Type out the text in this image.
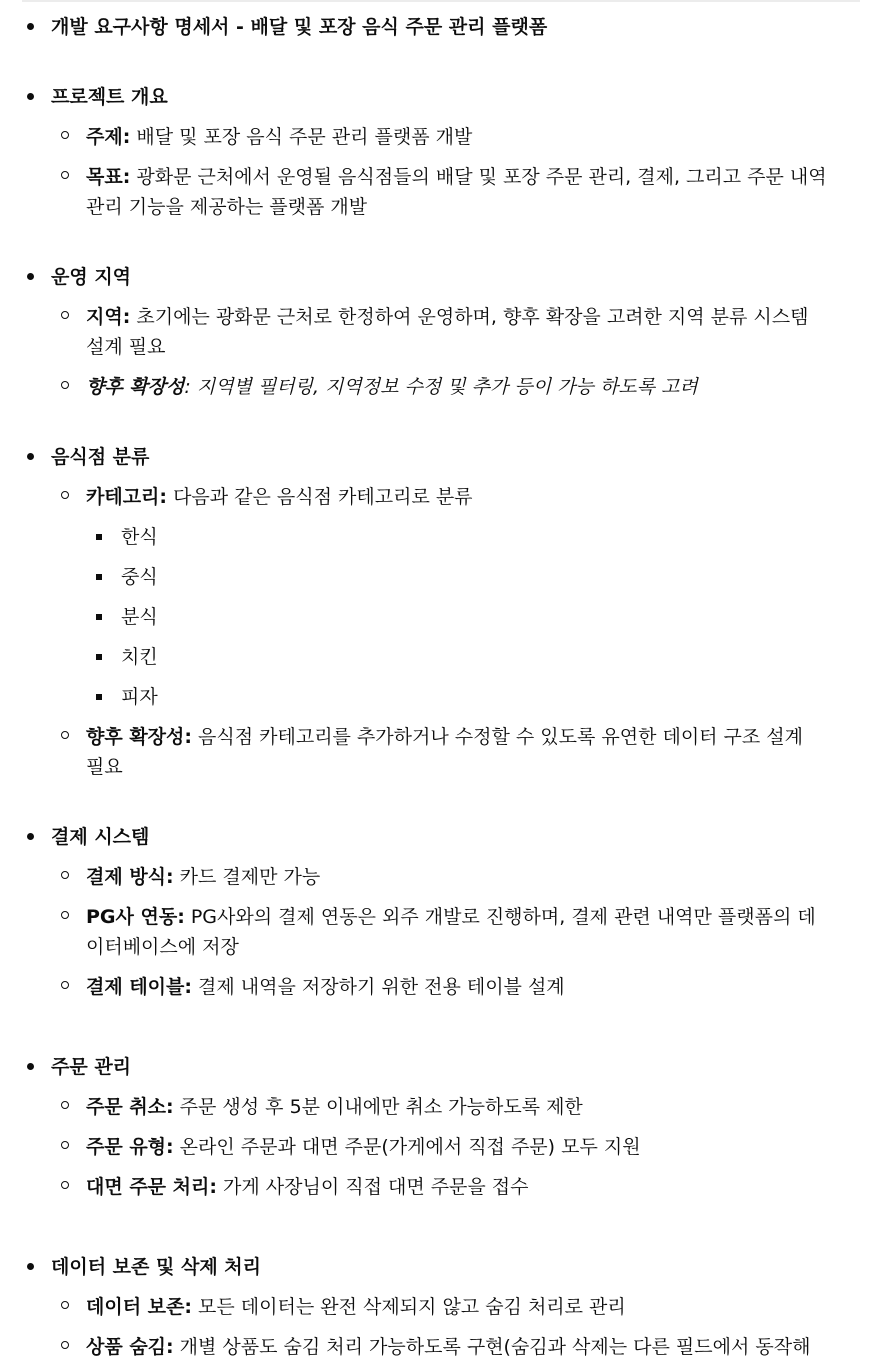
개발 요구사항 명세서 - 배달 및 포장 음식 주문 관리 플랫폼
프로젝트 개요
주제: 배달 및 포장 음식 주문 관리 플랫폼 개발
목표: 광화문 근처에서 운영될 음식점들의 배달 및 포장 주문 관리, 결제, 그리고 주문 내역
관리 기능을 제공하는 플랫폼 개발
운영 지역
지역: 초기에는 광화문 근처로 한정하여 운영하며, 향후 확장을 고려한 지역 분류 시스템
설계 필요
향후 확장성: 지역별 필터링, 지역정보 수정 및 추가 등이 가능 하도록 고려
음식점 분류
카테고리: 다음과 같은 음식점 카테고리로 분류
한식
중식
분식
치킨
피자
향후 확장성: 음식점 카테고리를 추가하거나 수정할 수 있도록 유연한 데이터 구조 설계
필요
결제 시스템
결제 방식: 카드 결제만 가능
PG사 연동: PG사와의 결제 연동은 외주 개발로 진행하며, 결제 관련 내역만 플랫폼의 데
이터베이스에 저장
결제 테이블: 결제 내역을 저장하기 위한 전용 테이블 설계
주문 관리
주문 취소: 주문 생성 후 5분 이내에만 취소 가능하도록 제한
주문 유형: 온라인 주문과 대면 주문(가게에서 직접 주문) 모두 지원
대면 주문 처리: 가게 사장님이 직접 대면 주문을 접수
데이터 보존 및 삭제 처리
데이터 보존: 모든 데이터는 완전 삭제되지 않고 숨김 처리로 관리
상품 숨김: 개별 상품도 숨김 처리 가능하도록 구현(숨김과 삭제는 다른 필드에서 동작해
